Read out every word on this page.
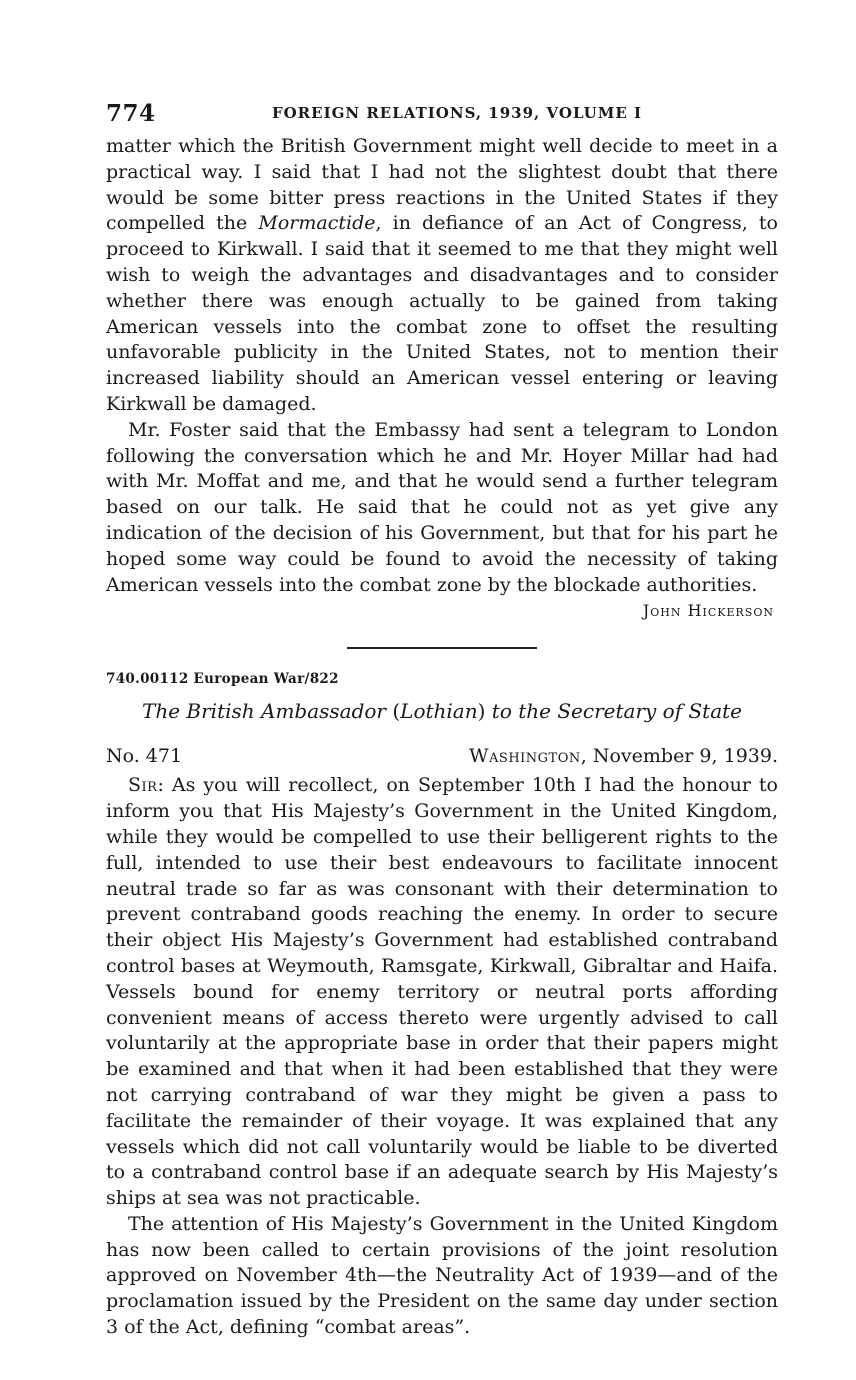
774	FOREIGN RELATIONS, 1939, VOLUME I

matter which the British Government might well decide to meet in a practical way. I said that I had not the slightest doubt that there would be some bitter press reactions in the United States if they compelled the Mormactide, in defiance of an Act of Congress, to proceed to Kirkwall. I said that it seemed to me that they might well wish to weigh the advantages and disadvantages and to consider whether there was enough actually to be gained from taking American vessels into the combat zone to offset the resulting unfavorable publicity in the United States, not to mention their increased liability should an American vessel entering or leaving Kirkwall be damaged.

Mr. Foster said that the Embassy had sent a telegram to London following the conversation which he and Mr. Hoyer Millar had had with Mr. Moffat and me, and that he would send a further telegram based on our talk. He said that he could not as yet give any indication of the decision of his Government, but that for his part he hoped some way could be found to avoid the necessity of taking American vessels into the combat zone by the blockade authorities.

John Hickerson
740.00112 European War/822
The British Ambassador (Lothian) to the Secretary of State
No. 471	Washington, November 9, 1939.

Sir: As you will recollect, on September 10th I had the honour to inform you that His Majesty’s Government in the United Kingdom, while they would be compelled to use their belligerent rights to the full, intended to use their best endeavours to facilitate innocent neutral trade so far as was consonant with their determination to prevent contraband goods reaching the enemy. In order to secure their object His Majesty’s Government had established contraband control bases at Weymouth, Ramsgate, Kirkwall, Gibraltar and Haifa. Vessels bound for enemy territory or neutral ports affording convenient means of access thereto were urgently advised to call voluntarily at the appropriate base in order that their papers might be examined and that when it had been established that they were not carrying contraband of war they might be given a pass to facilitate the remainder of their voyage. It was explained that any vessels which did not call voluntarily would be liable to be diverted to a contraband control base if an adequate search by His Majesty’s ships at sea was not practicable.

The attention of His Majesty’s Government in the United Kingdom has now been called to certain provisions of the joint resolution approved on November 4th—the Neutrality Act of 1939—and of the proclamation issued by the President on the same day under section 3 of the Act, defining “combat areas”.
